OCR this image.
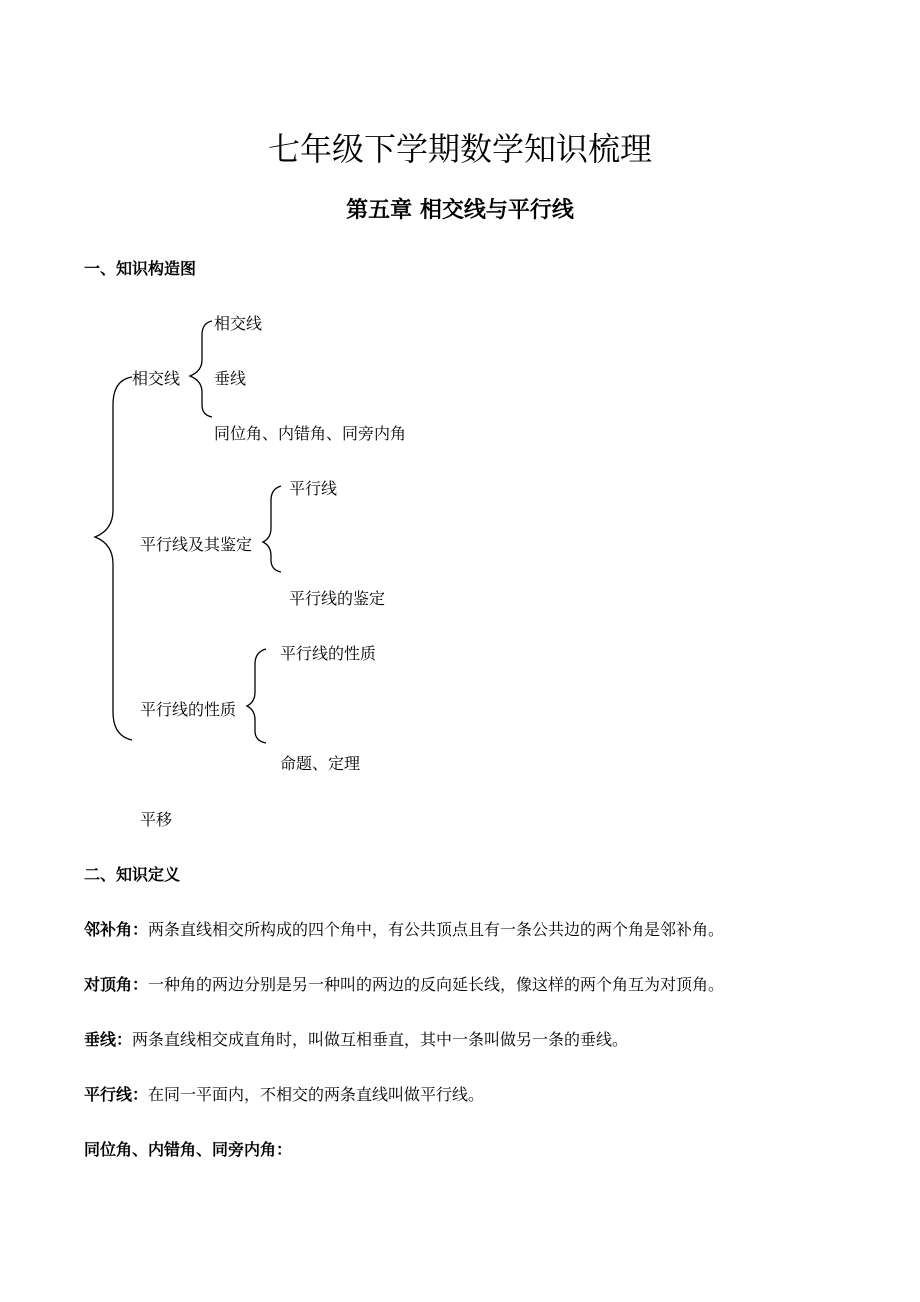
七年级下学期数学知识梳理
第五章 相交线与平行线
一、知识构造图
相交线
相交线
垂线
同位角、内错角、同旁内角
平行线及其鉴定
平行线
平行线的鉴定
平行线的性质
平行线的性质
命题、定理
平移
二、知识定义
邻补角：两条直线相交所构成的四个角中，有公共顶点且有一条公共边的两个角是邻补角。
对顶角：一种角的两边分别是另一种叫的两边的反向延长线，像这样的两个角互为对顶角。
垂线：两条直线相交成直角时，叫做互相垂直，其中一条叫做另一条的垂线。
平行线：在同一平面内，不相交的两条直线叫做平行线。
同位角、内错角、同旁内角：
